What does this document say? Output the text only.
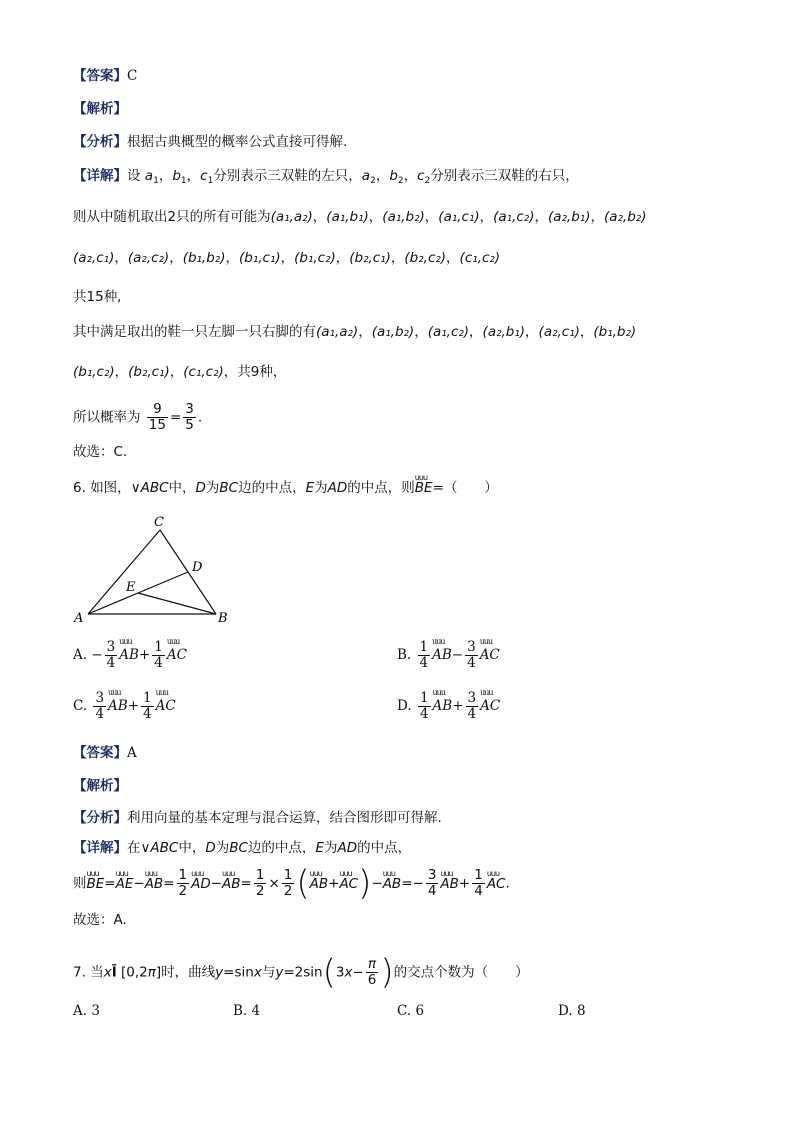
【答案】C
【解析】
【分析】根据古典概型的概率公式直接可得解.
【详解】设 $a_1$，$b_1$，$c_1$分别表示三双鞋的左只，$a_2$，$b_2$，$c_2$分别表示三双鞋的右只，
则从中随机取出2只的所有可能为(a₁,a₂)，(a₁,b₁)，(a₁,b₂)，(a₁,c₁)，(a₁,c₂)，(a₂,b₁)，(a₂,b₂)
(a₂,c₁)，(a₂,c₂)，(b₁,b₂)，(b₁,c₁)，(b₁,c₂)，(b₂,c₁)，(b₂,c₂)，(c₁,c₂)
共15种,
其中满足取出的鞋一只左脚一只右脚的有(a₁,a₂)，(a₁,b₂)，(a₁,c₂)，(a₂,b₁)，(a₂,c₁)，(b₁,b₂)
(b₁,c₂)，(b₂,c₁)，(c₁,c₂)，共9种，
所以概率为 $\frac{9}{15} = \frac{3}{5}$ .
故选：C.
6. 如图，∨ABC中，D为BC边的中点，E为AD的中点，则uuu BE=（　　）
C
D
E
A	B
A. − $\frac{3}{4}$ uuu $AB+ \frac{1}{4}$ uuu AC	B. $\frac{1}{4}$ uuu $AB- \frac{3}{4}$ uuu AC
C. $\frac{3}{4}$ uuu $AB+ \frac{1}{4}$ uuu AC	D. $\frac{1}{4}$ uuu $AB+ \frac{3}{4}$ uuu AC
【答案】A
【解析】
【分析】利用向量的基本定理与混合运算，结合图形即可得解.
【详解】在∨ABC中，D为BC边的中点，E为AD的中点，
则uuu BE=uuu AE−uuu $AB= \frac{1}{2}$ uuu AD−uuu $AB= \frac{1}{2} \times \frac{1}{2} (uuu$ AB+uuu AC)−uuu $AB=- \frac{3}{4}$ uuu $AB+ \frac{1}{4}$ uuu AC.
故选：A.
7. 当xĪ [0,2π]时，曲线y=sinx与$y=2\sin(3x- \frac{\pi}{6}$ )的交点个数为（　　）
A. 3	B. 4	C. 6	D. 8
